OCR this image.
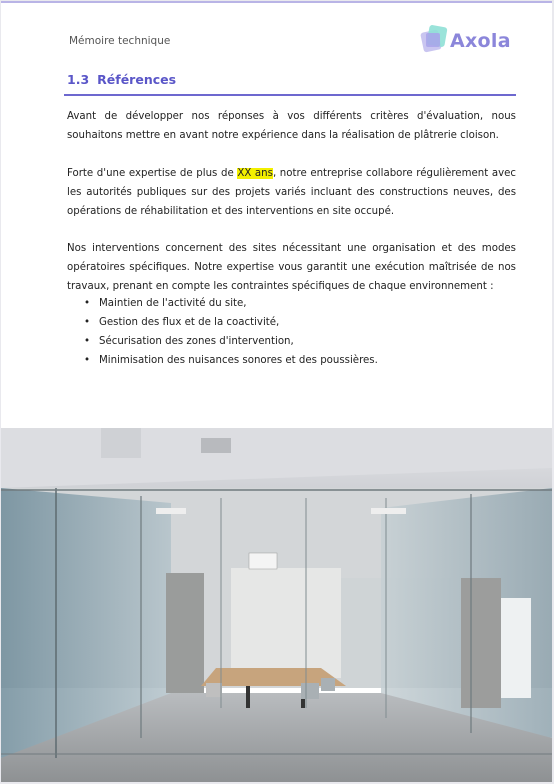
Mémoire technique	Axola
1.3 Références
Avant de développer nos réponses à vos différents critères d'évaluation, nous souhaitons mettre en avant notre expérience dans la réalisation de plâtrerie cloison.
Forte d'une expertise de plus de XX ans, notre entreprise collabore régulièrement avec les autorités publiques sur des projets variés incluant des constructions neuves, des opérations de réhabilitation et des interventions en site occupé.
Nos interventions concernent des sites nécessitant une organisation et des modes opératoires spécifiques. Notre expertise vous garantit une exécution maîtrisée de nos travaux, prenant en compte les contraintes spécifiques de chaque environnement :
• Maintien de l'activité du site,
• Gestion des flux et de la coactivité,
• Sécurisation des zones d'intervention,
• Minimisation des nuisances sonores et des poussières.
